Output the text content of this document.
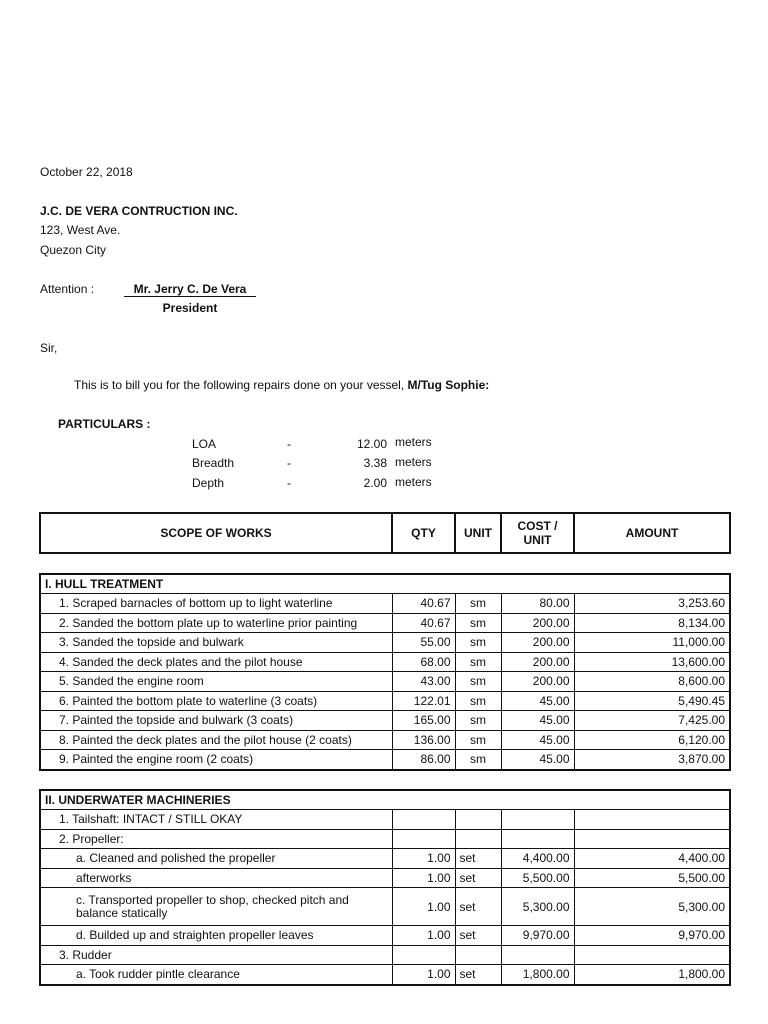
October 22, 2018
J.C. DE VERA CONTRUCTION INC.
123, West Ave.
Quezon City
Attention :	Mr. Jerry C. De Vera
President
Sir,
This is to bill you for the following repairs done on your vessel, M/Tug Sophie:
PARTICULARS :
LOA	-	12.00 meters
Breadth	-	3.38 meters
Depth	-	2.00 meters
SCOPE OF WORKS	QTY	UNIT	COST / UNIT	AMOUNT
I. HULL TREATMENT				
1. Scraped barnacles of bottom up to light waterline	40.67	sm	80.00	3,253.60
2. Sanded the bottom plate up to waterline prior painting	40.67	sm	200.00	8,134.00
3. Sanded the topside and bulwark	55.00	sm	200.00	11,000.00
4. Sanded the deck plates and the pilot house	68.00	sm	200.00	13,600.00
5. Sanded the engine room	43.00	sm	200.00	8,600.00
6. Painted the bottom plate to waterline (3 coats)	122.01	sm	45.00	5,490.45
7. Painted the topside and bulwark (3 coats)	165.00	sm	45.00	7,425.00
8. Painted the deck plates and the pilot house (2 coats)	136.00	sm	45.00	6,120.00
9. Painted the engine room (2 coats)	86.00	sm	45.00	3,870.00
II. UNDERWATER MACHINERIES				
1. Tailshaft: INTACT / STILL OKAY				
2. Propeller:				
a. Cleaned and polished the propeller	1.00	set	4,400.00	4,400.00
afterworks	1.00	set	5,500.00	5,500.00
c. Transported propeller to shop, checked pitch and balance statically	1.00	set	5,300.00	5,300.00
d. Builded up and straighten propeller leaves	1.00	set	9,970.00	9,970.00
3. Rudder				
a. Took rudder pintle clearance	1.00	set	1,800.00	1,800.00
